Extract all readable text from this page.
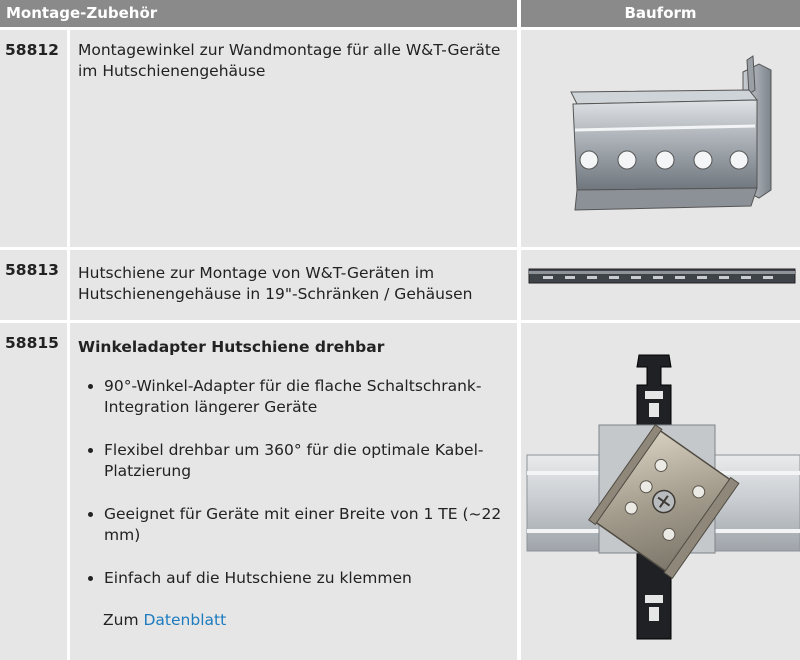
Montage-Zubehör	Bauform
58812	Montagewinkel zur Wandmontage für alle W&T-Geräte im Hutschienengehäuse
58813	Hutschiene zur Montage von W&T-Geräten im Hutschienengehäuse in 19"-Schränken / Gehäusen
58815	Winkeladapter Hutschiene drehbar
• 90°-Winkel-Adapter für die flache Schaltschrank-Integration längerer Geräte
• Flexibel drehbar um 360° für die optimale Kabel-Platzierung
• Geeignet für Geräte mit einer Breite von 1 TE (~22 mm)
• Einfach auf die Hutschiene zu klemmen
Zum Datenblatt
